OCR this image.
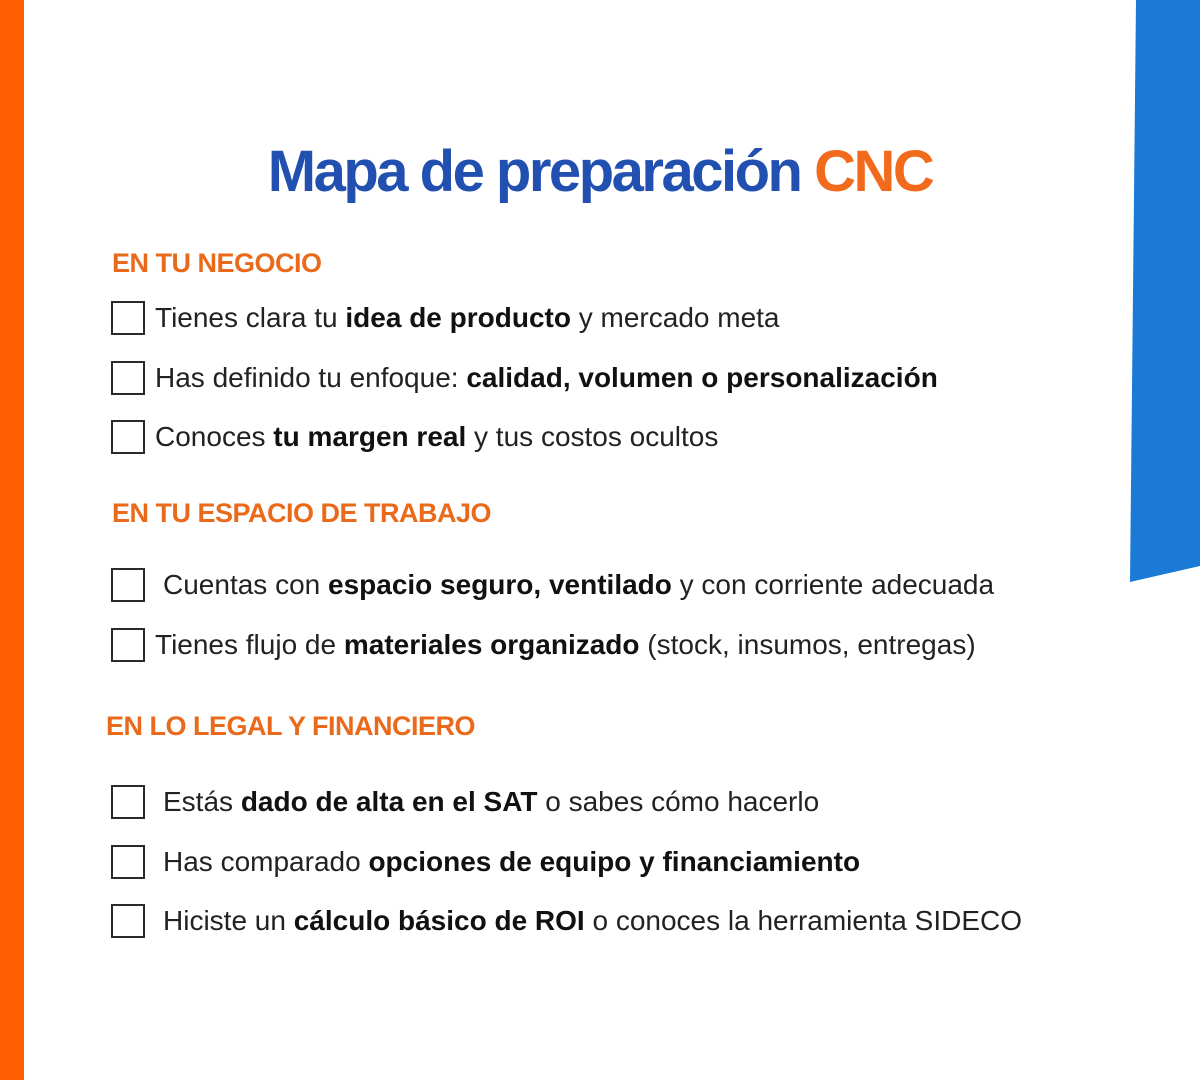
Mapa de preparación CNC
EN TU NEGOCIO
Tienes clara tu idea de producto y mercado meta
Has definido tu enfoque: calidad, volumen o personalización
Conoces tu margen real y tus costos ocultos
EN TU ESPACIO DE TRABAJO
Cuentas con espacio seguro, ventilado y con corriente adecuada
Tienes flujo de materiales organizado (stock, insumos, entregas)
EN LO LEGAL Y FINANCIERO
Estás dado de alta en el SAT o sabes cómo hacerlo
Has comparado opciones de equipo y financiamiento
Hiciste un cálculo básico de ROI o conoces la herramienta SIDECO
